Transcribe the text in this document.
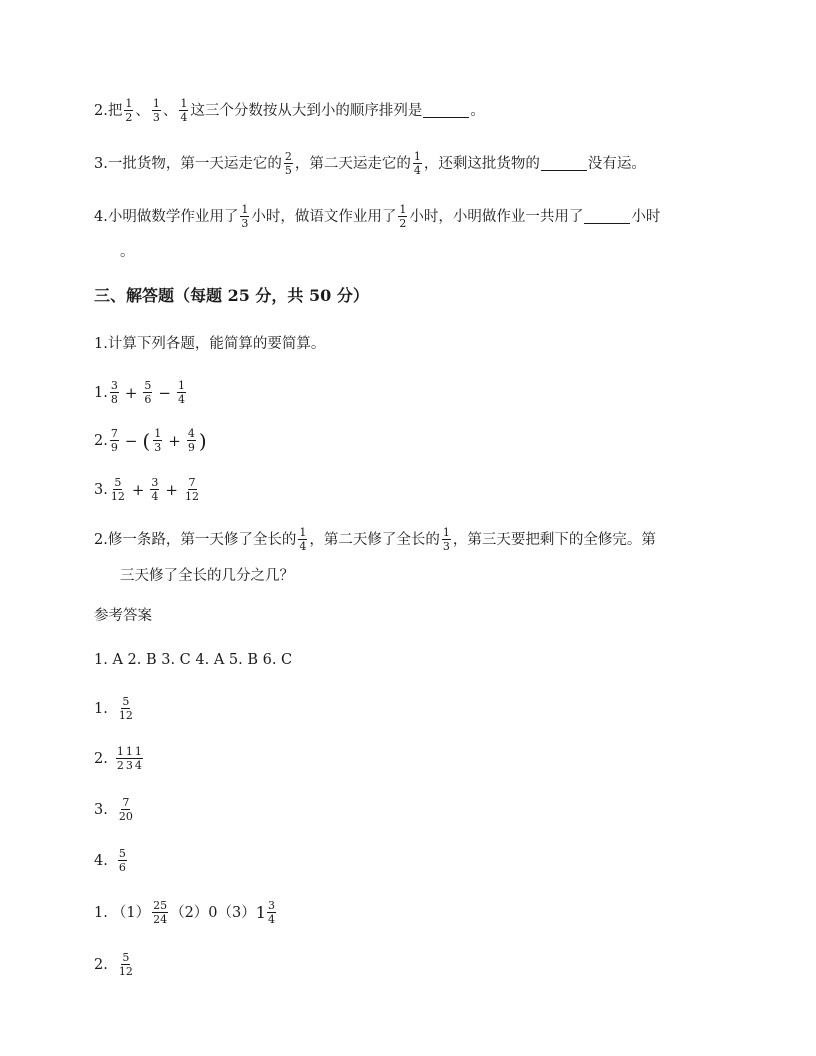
2. 把 $\frac{1}{2}$ 、 $\frac{1}{3}$ 、 $\frac{1}{4}$ 这三个分数按从大到小的顺序排列是	。
3. 一批货物，第一天运走它的 $\frac{2}{5}$ ，第二天运走它的 $\frac{1}{4}$ ，还剩这批货物的	没有运。
4. 小明做数学作业用了 $\frac{1}{3}$ 小时，做语文作业用了 $\frac{1}{2}$ 小时，小明做作业一共用了	小时
。
三、解答题 （每题 25 分，共 50 分）
1. 计算下列各题，能简算的要简算。
1. $\frac{3}{8} + \frac{5}{6} - \frac{1}{4}$
2. $\frac{7}{9}$ − ( $\frac{1}{3} + \frac{4}{9}$ )
3. $\frac{5}{12} + \frac{3}{4} + \frac{7}{12}$
2. 修一条路，第一天修了全长的 $\frac{1}{4}$ ，第二天修了全长的 $\frac{1}{3}$ ，第三天要把剩下的全修完。第
三天修了全长的几分之几？
参考答案
1. A 2. B 3. C 4. A 5. B 6. C
1. $\frac{5}{12}$
2. $\frac{1}{2} \frac{1}{3} \frac{1}{4}$
3. $\frac{7}{20}$
4. $\frac{5}{6}$
1. $(1) \frac{25}{24} (2)0(3)$ $1 \frac{3}{4}$
2. $\frac{5}{12}$
